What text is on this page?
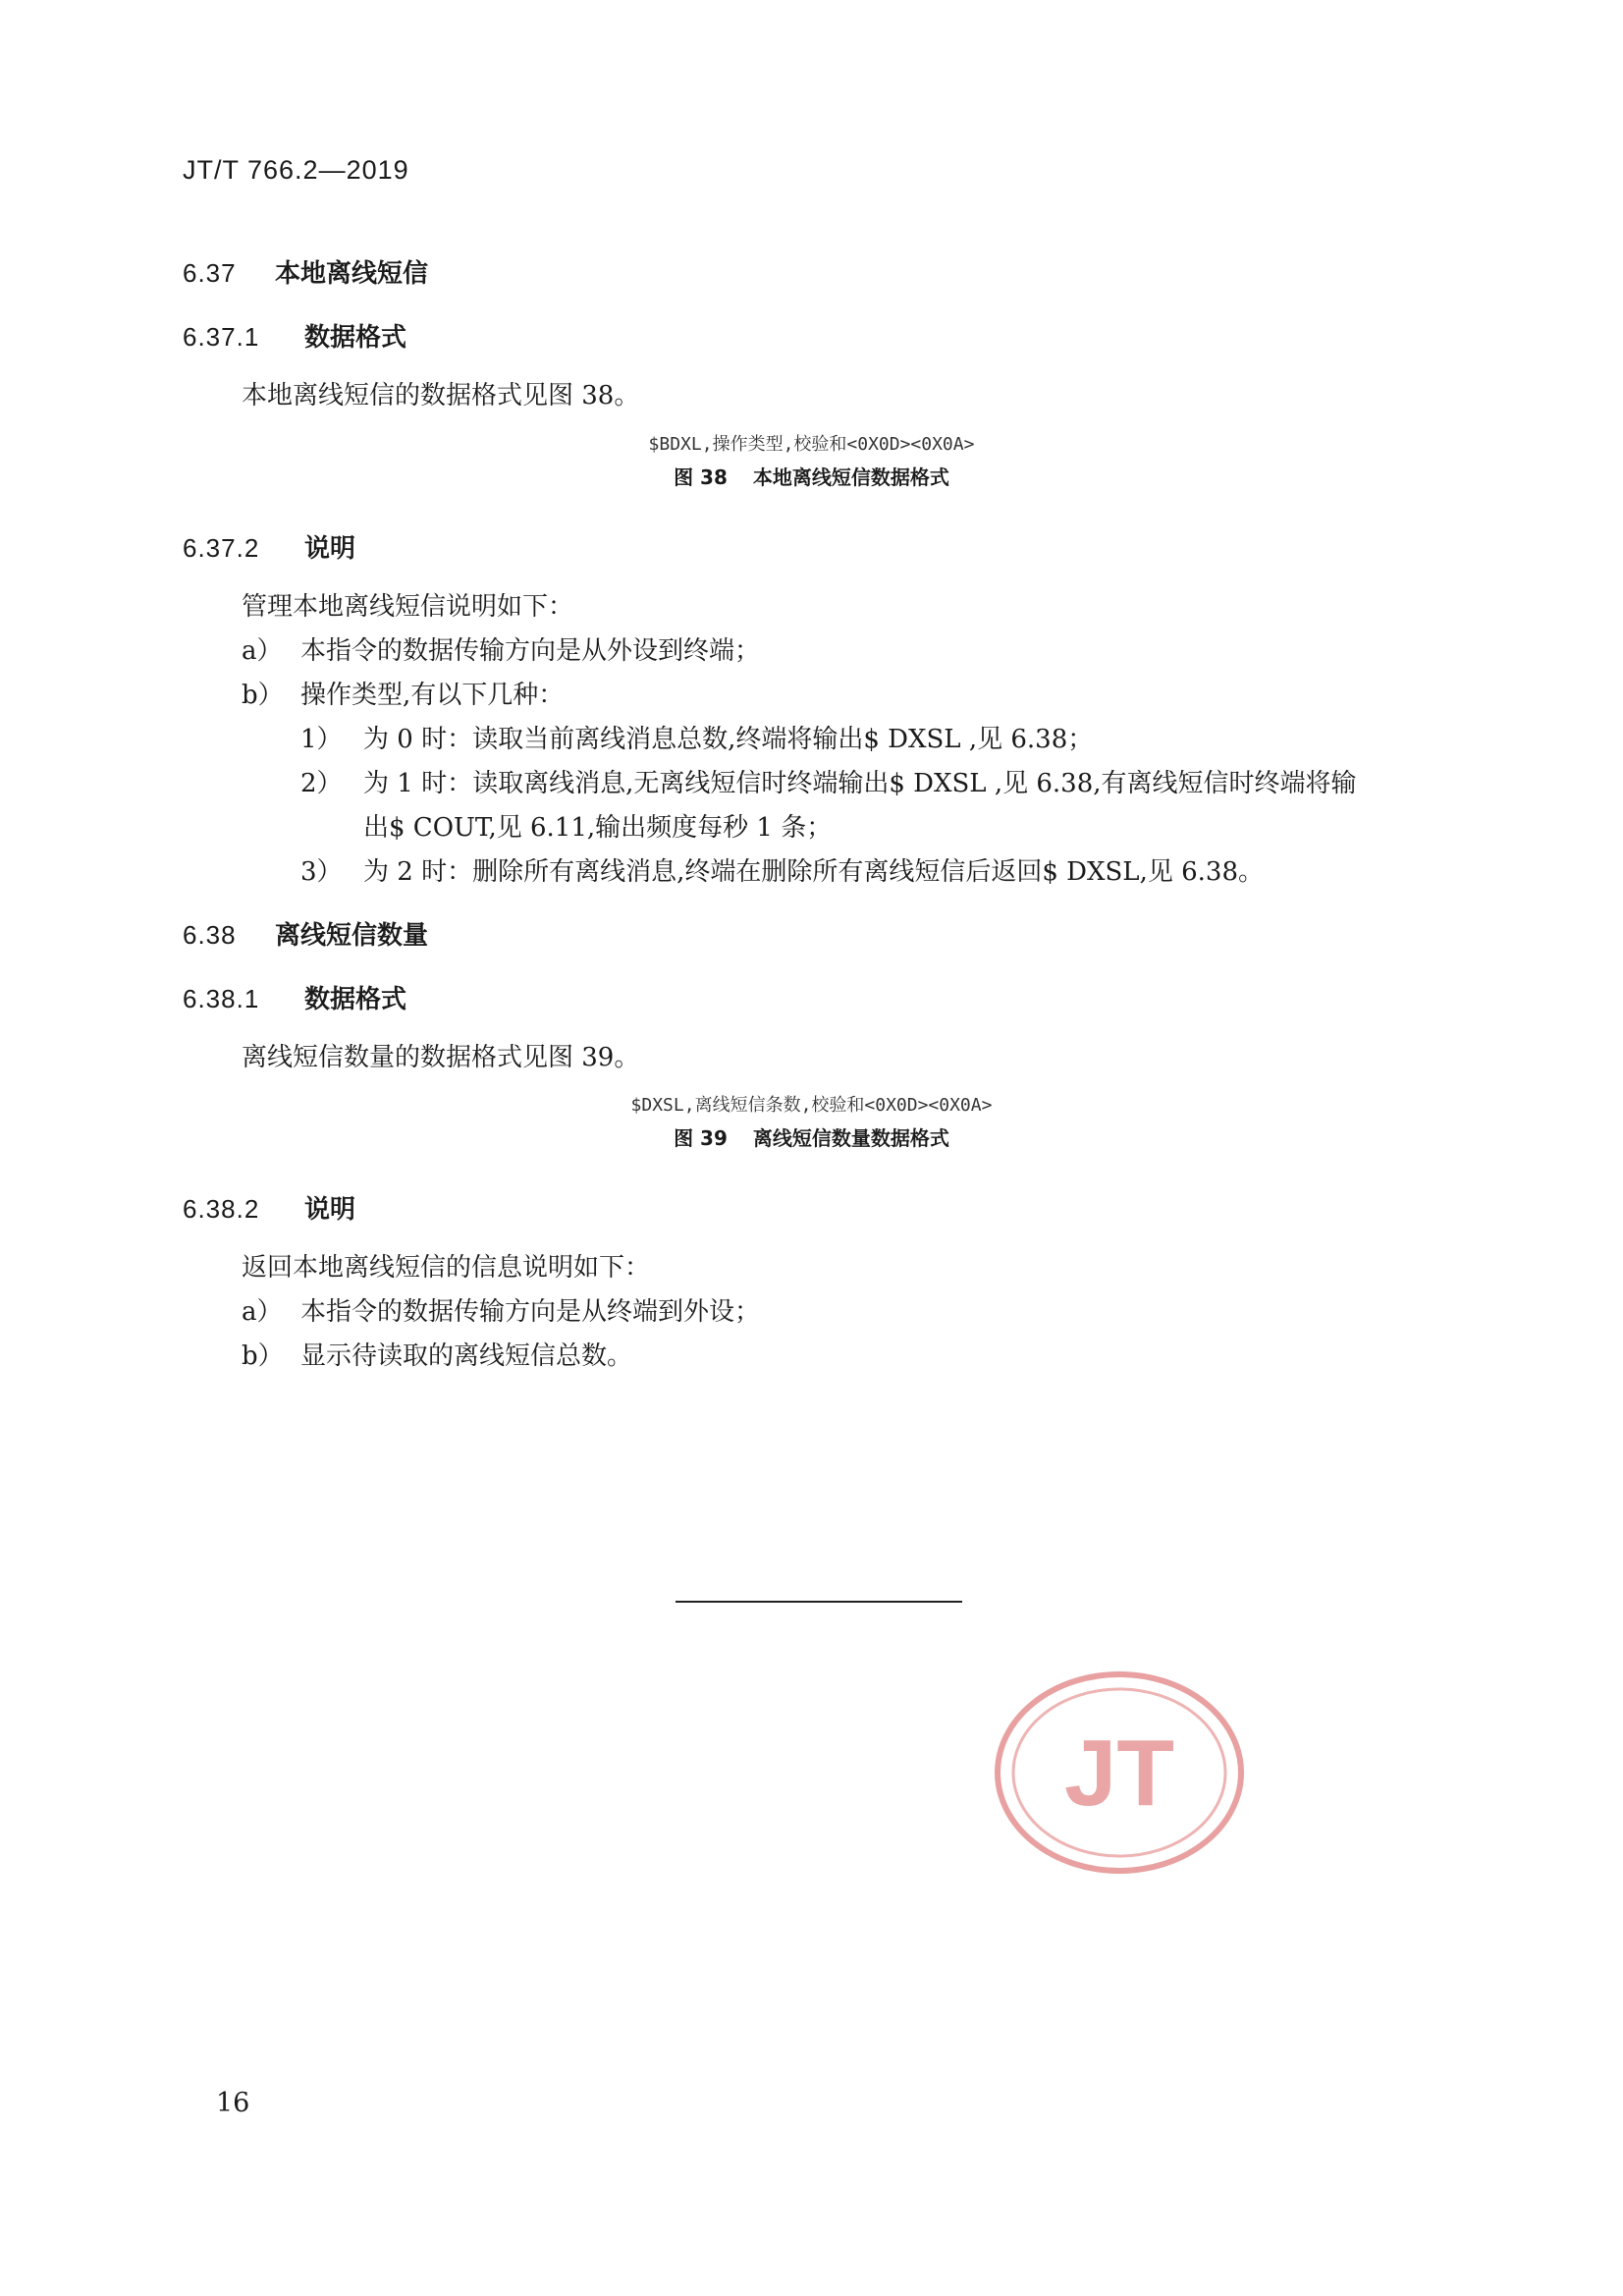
JT/T 766.2—2019
6.37 本地离线短信
6.37.1 数据格式
本地离线短信的数据格式见图 38。
$BDXL,操作类型,校验和<0X0D><0X0A>
图 38 本地离线短信数据格式
6.37.2 说明
管理本地离线短信说明如下：
a） 本指令的数据传输方向是从外设到终端；
b） 操作类型,有以下几种：
1） 为 0 时：读取当前离线消息总数,终端将输出$ DXSL ,见 6.38；
2） 为 1 时：读取离线消息,无离线短信时终端输出$ DXSL ,见 6.38,有离线短信时终端将输
出$ COUT,见 6.11,输出频度每秒 1 条；
3） 为 2 时：删除所有离线消息,终端在删除所有离线短信后返回$ DXSL,见 6.38。
6.38 离线短信数量
6.38.1 数据格式
离线短信数量的数据格式见图 39。
$DXSL,离线短信条数,校验和<0X0D><0X0A>
图 39 离线短信数量数据格式
6.38.2 说明
返回本地离线短信的信息说明如下：
a） 本指令的数据传输方向是从终端到外设；
b） 显示待读取的离线短信总数。
JT
16
